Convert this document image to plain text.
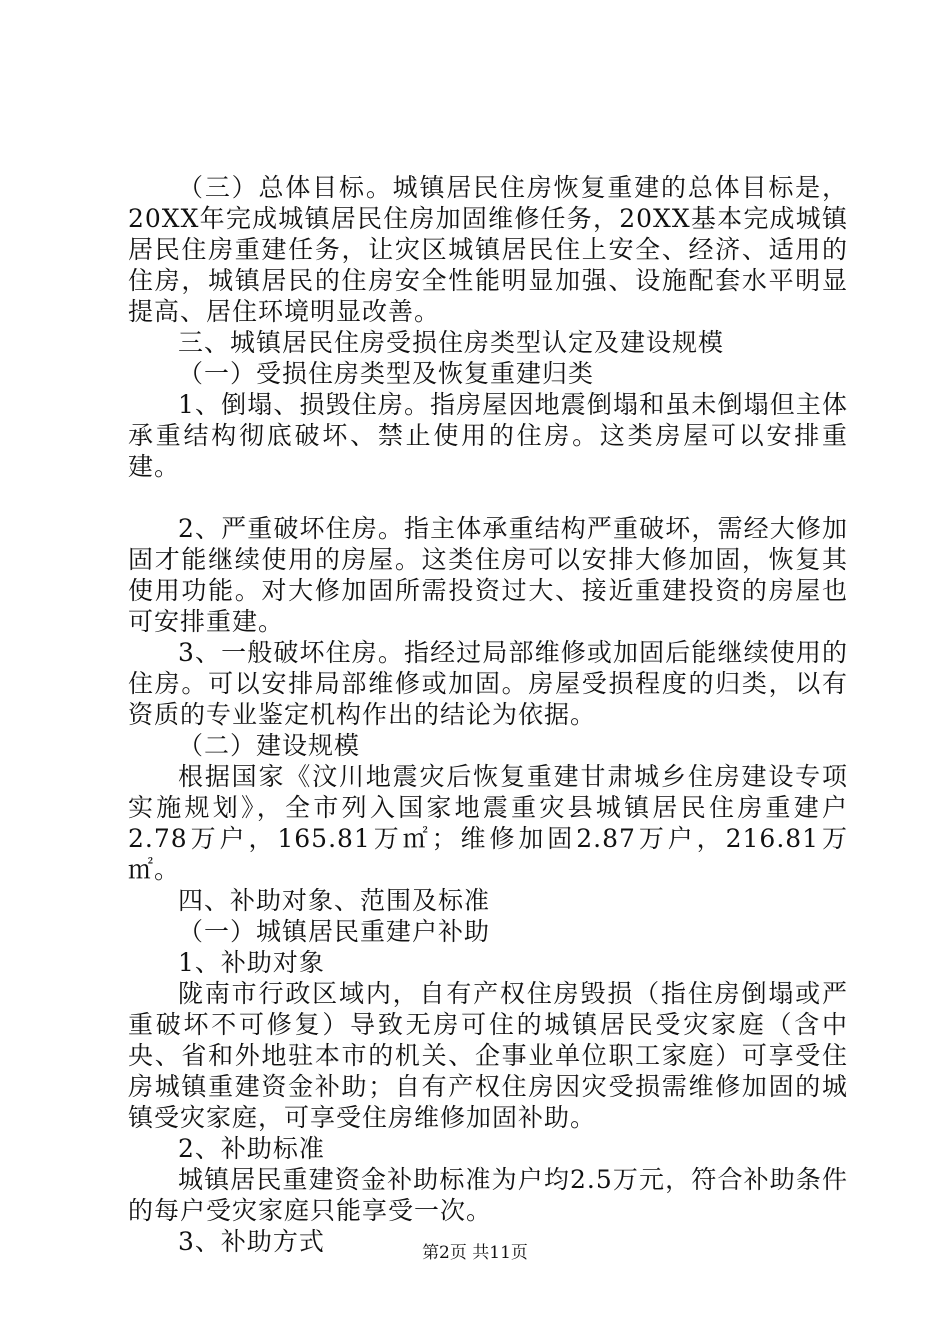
（三）总体目标。城镇居民住房恢复重建的总体目标是，20XX年完成城镇居民住房加固维修任务，20XX基本完成城镇居民住房重建任务，让灾区城镇居民住上安全、经济、适用的住房，城镇居民的住房安全性能明显加强、设施配套水平明显提高、居住环境明显改善。

三、城镇居民住房受损住房类型认定及建设规模

（一）受损住房类型及恢复重建归类

1、倒塌、损毁住房。指房屋因地震倒塌和虽未倒塌但主体承重结构彻底破坏、禁止使用的住房。这类房屋可以安排重建。

2、严重破坏住房。指主体承重结构严重破坏，需经大修加固才能继续使用的房屋。这类住房可以安排大修加固，恢复其使用功能。对大修加固所需投资过大、接近重建投资的房屋也可安排重建。

3、一般破坏住房。指经过局部维修或加固后能继续使用的住房。可以安排局部维修或加固。房屋受损程度的归类，以有资质的专业鉴定机构作出的结论为依据。

（二）建设规模

根据国家《汶川地震灾后恢复重建甘肃城乡住房建设专项实施规划》，全市列入国家地震重灾县城镇居民住房重建户2.78万户，165.81万㎡；维修加固2.87万户，216.81万㎡。

四、补助对象、范围及标准

（一）城镇居民重建户补助

1、补助对象

陇南市行政区域内，自有产权住房毁损（指住房倒塌或严重破坏不可修复）导致无房可住的城镇居民受灾家庭（含中央、省和外地驻本市的机关、企事业单位职工家庭）可享受住房城镇重建资金补助；自有产权住房因灾受损需维修加固的城镇受灾家庭，可享受住房维修加固补助。

2、补助标准

城镇居民重建资金补助标准为户均2.5万元，符合补助条件的每户受灾家庭只能享受一次。

3、补助方式	第2页 共11页
